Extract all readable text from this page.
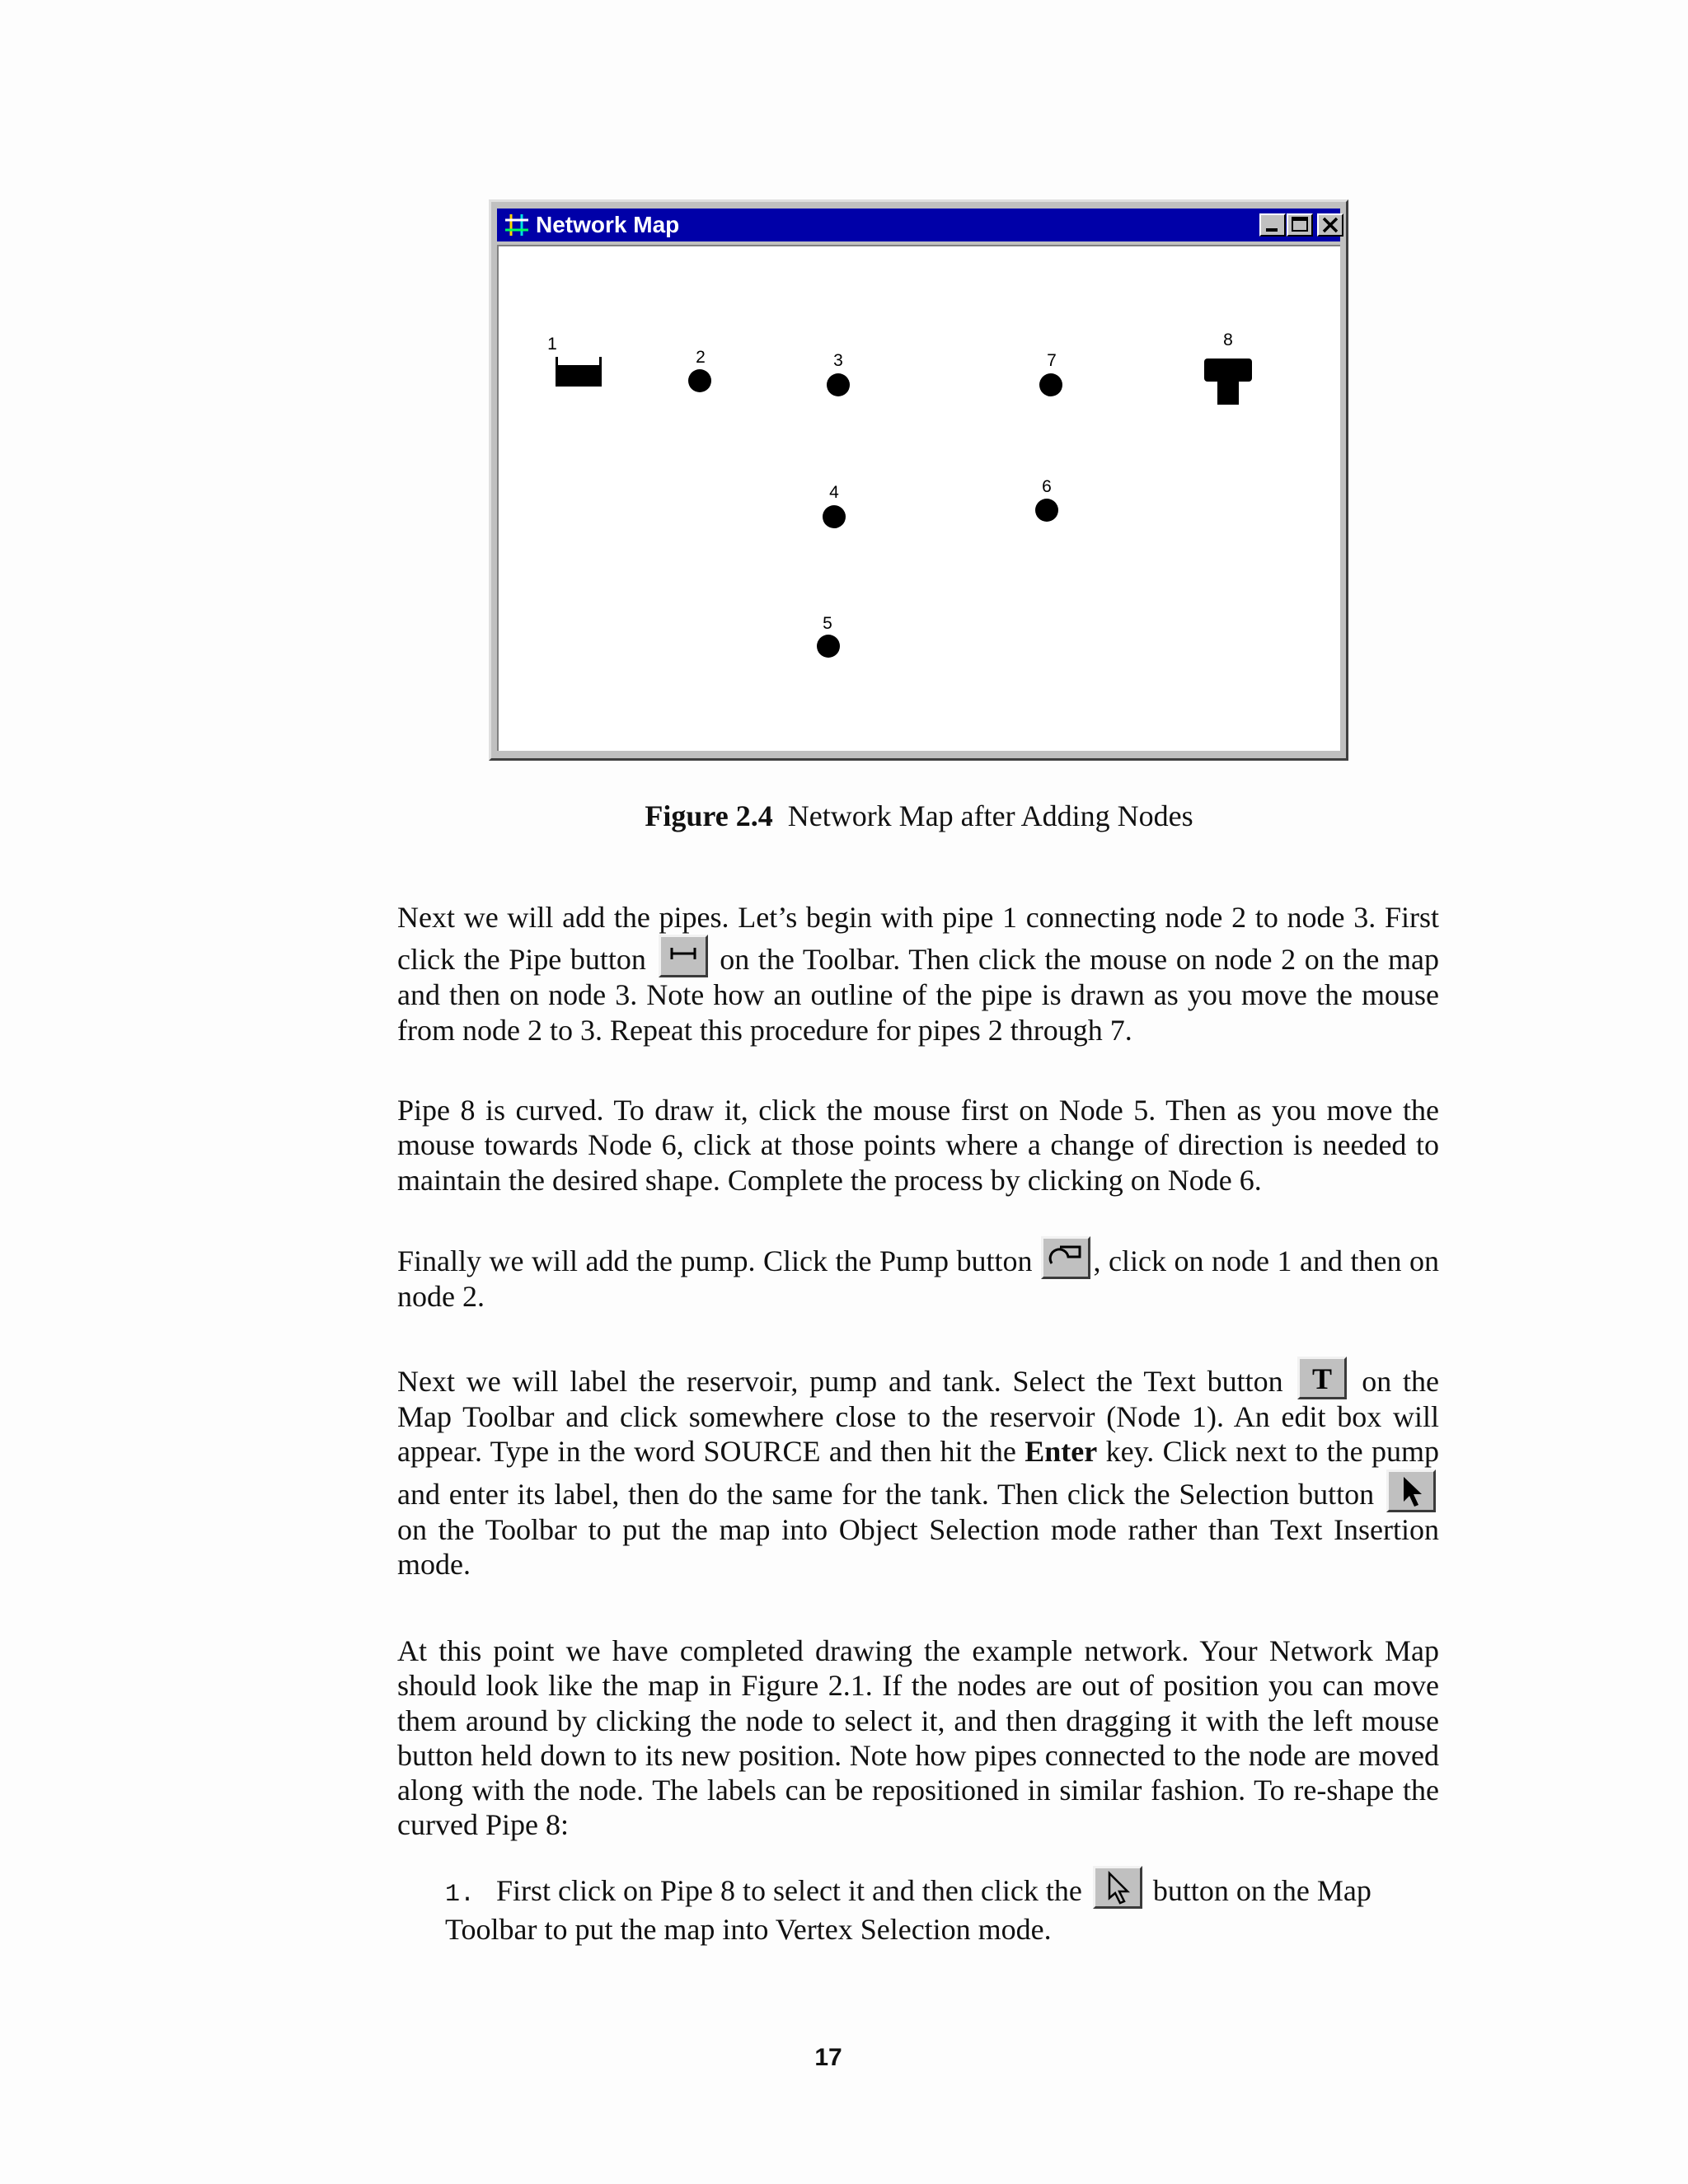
Network Map
1
2	3	7
8
4	6
5
Figure 2.4 Network Map after Adding Nodes
Next we will add the pipes. Let’s begin with pipe 1 connecting node 2 to node 3. First click the Pipe button on the Toolbar. Then click the mouse on node 2 on the map and then on node 3. Note how an outline of the pipe is drawn as you move the mouse from node 2 to 3. Repeat this procedure for pipes 2 through 7.
Pipe 8 is curved. To draw it, click the mouse first on Node 5. Then as you move the mouse towards Node 6, click at those points where a change of direction is needed to maintain the desired shape. Complete the process by clicking on Node 6.
Finally we will add the pump. Click the Pump button , click on node 1 and then on node 2.
Next we will label the reservoir, pump and tank. Select the Text button T on the Map Toolbar and click somewhere close to the reservoir (Node 1). An edit box will appear. Type in the word SOURCE and then hit the Enter key. Click next to the pump and enter its label, then do the same for the tank. Then click the Selection button
on the Toolbar to put the map into Object Selection mode rather than Text Insertion mode.
At this point we have completed drawing the example network. Your Network Map should look like the map in Figure 2.1. If the nodes are out of position you can move them around by clicking the node to select it, and then dragging it with the left mouse button held down to its new position. Note how pipes connected to the node are moved along with the node. The labels can be repositioned in similar fashion. To re-shape the curved Pipe 8:
1. First click on Pipe 8 to select it and then click the button on the Map Toolbar to put the map into Vertex Selection mode.
17
